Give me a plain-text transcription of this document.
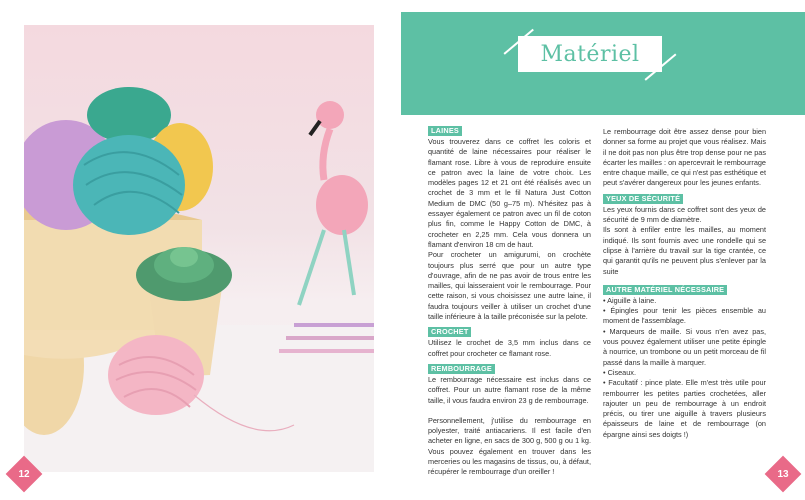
12
Matériel
LAINES

Vous trouverez dans ce coffret les coloris et quantité de laine nécessaires pour réaliser le flamant rose. Libre à vous de reproduire ensuite ce patron avec la laine de votre choix. Les modèles pages 12 et 21 ont été réalisés avec un crochet de 3 mm et le fil Natura Just Cotton Medium de DMC (50 g–75 m). N'hésitez pas à essayer également ce patron avec un fil de coton plus fin, comme le Happy Cotton de DMC, à crocheter en 2,25 mm. Cela vous donnera un flamant d'environ 18 cm de haut.

Pour crocheter un amigurumi, on crochète toujours plus serré que pour un autre type d'ouvrage, afin de ne pas avoir de trous entre les mailles, qui laisseraient voir le rembourrage. Pour cette raison, si vous choisissez une autre laine, il faudra toujours veiller à utiliser un crochet d'une taille inférieure à la taille préconisée sur la pelote.

CROCHET

Utilisez le crochet de 3,5 mm inclus dans ce coffret pour crocheter ce flamant rose.

REMBOURRAGE

Le rembourrage nécessaire est inclus dans ce coffret. Pour un autre flamant rose de la même taille, il vous faudra environ 23 g de rembourrage.

Personnellement, j'utilise du rembourrage en polyester, traité antiacariens. Il est facile d'en acheter en ligne, en sacs de 300 g, 500 g ou 1 kg. Vous pouvez également en trouver dans les merceries ou les magasins de tissus, ou, à défaut, récupérer le rembourrage d'un oreiller !

Le rembourrage doit être assez dense pour bien donner sa forme au projet que vous réalisez. Mais il ne doit pas non plus être trop dense pour ne pas écarter les mailles : on apercevrait le rembourrage entre chaque maille, ce qui n'est pas esthétique et peut s'avérer dangereux pour les jeunes enfants.

YEUX DE SÉCURITÉ

Les yeux fournis dans ce coffret sont des yeux de sécurité de 9 mm de diamètre.

Ils sont à enfiler entre les mailles, au moment indiqué. Ils sont fournis avec une rondelle qui se clipse à l'arrière du travail sur la tige crantée, ce qui garantit qu'ils ne peuvent plus s'enlever par la suite

AUTRE MATÉRIEL NÉCESSAIRE

• Aiguille à laine.

• Épingles pour tenir les pièces ensemble au moment de l'assemblage.

• Marqueurs de maille. Si vous n'en avez pas, vous pouvez également utiliser une petite épingle à nourrice, un trombone ou un petit morceau de fil passé dans la maille à marquer.

• Ciseaux.

• Facultatif : pince plate. Elle m'est très utile pour rembourrer les petites parties crochetées, aller rajouter un peu de rembourrage à un endroit précis, ou tirer une aiguille à travers plusieurs épaisseurs de laine et de rembourrage (on épargne ainsi ses doigts !)

13
